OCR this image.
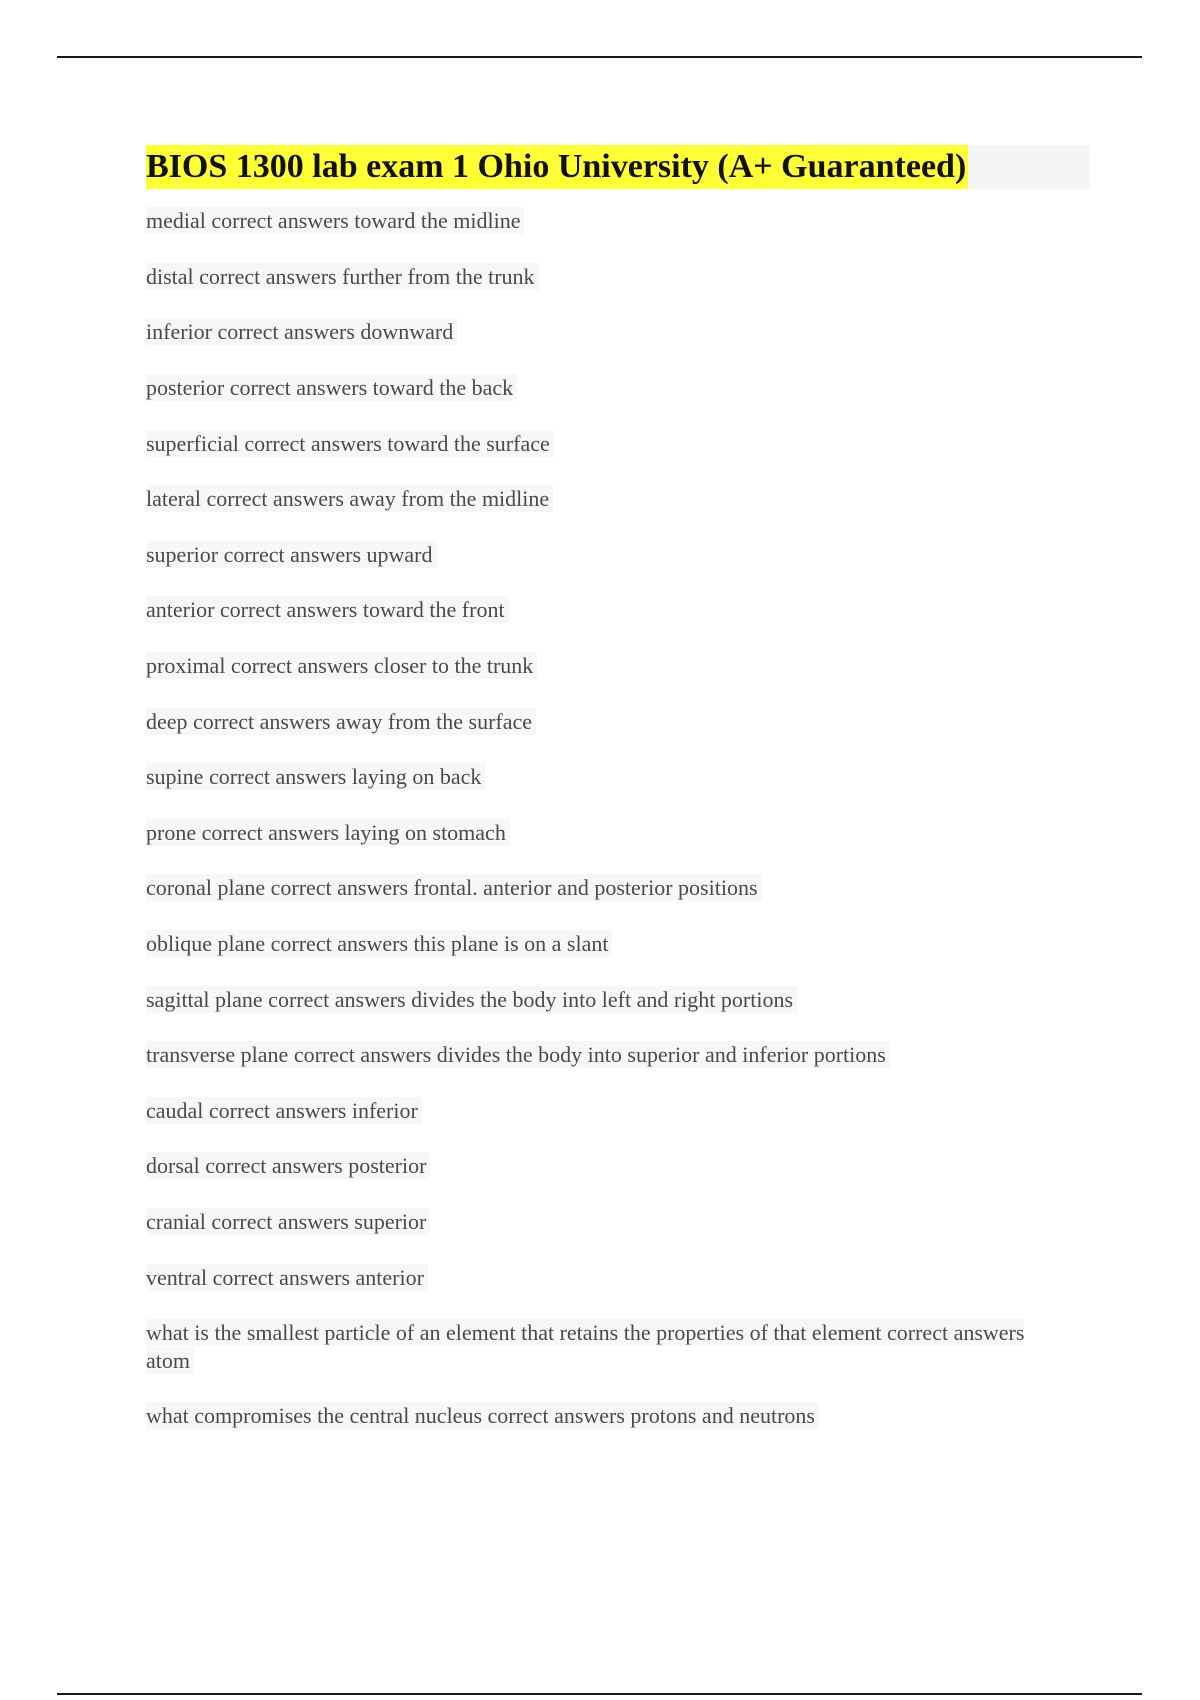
BIOS 1300 lab exam 1 Ohio University (A+ Guaranteed)
medial correct answers toward the midline
distal correct answers further from the trunk
inferior correct answers downward
posterior correct answers toward the back
superficial correct answers toward the surface
lateral correct answers away from the midline
superior correct answers upward
anterior correct answers toward the front
proximal correct answers closer to the trunk
deep correct answers away from the surface
supine correct answers laying on back
prone correct answers laying on stomach
coronal plane correct answers frontal. anterior and posterior positions
oblique plane correct answers this plane is on a slant
sagittal plane correct answers divides the body into left and right portions
transverse plane correct answers divides the body into superior and inferior portions
caudal correct answers inferior
dorsal correct answers posterior
cranial correct answers superior
ventral correct answers anterior
what is the smallest particle of an element that retains the properties of that element correct answers atom
what compromises the central nucleus correct answers protons and neutrons
